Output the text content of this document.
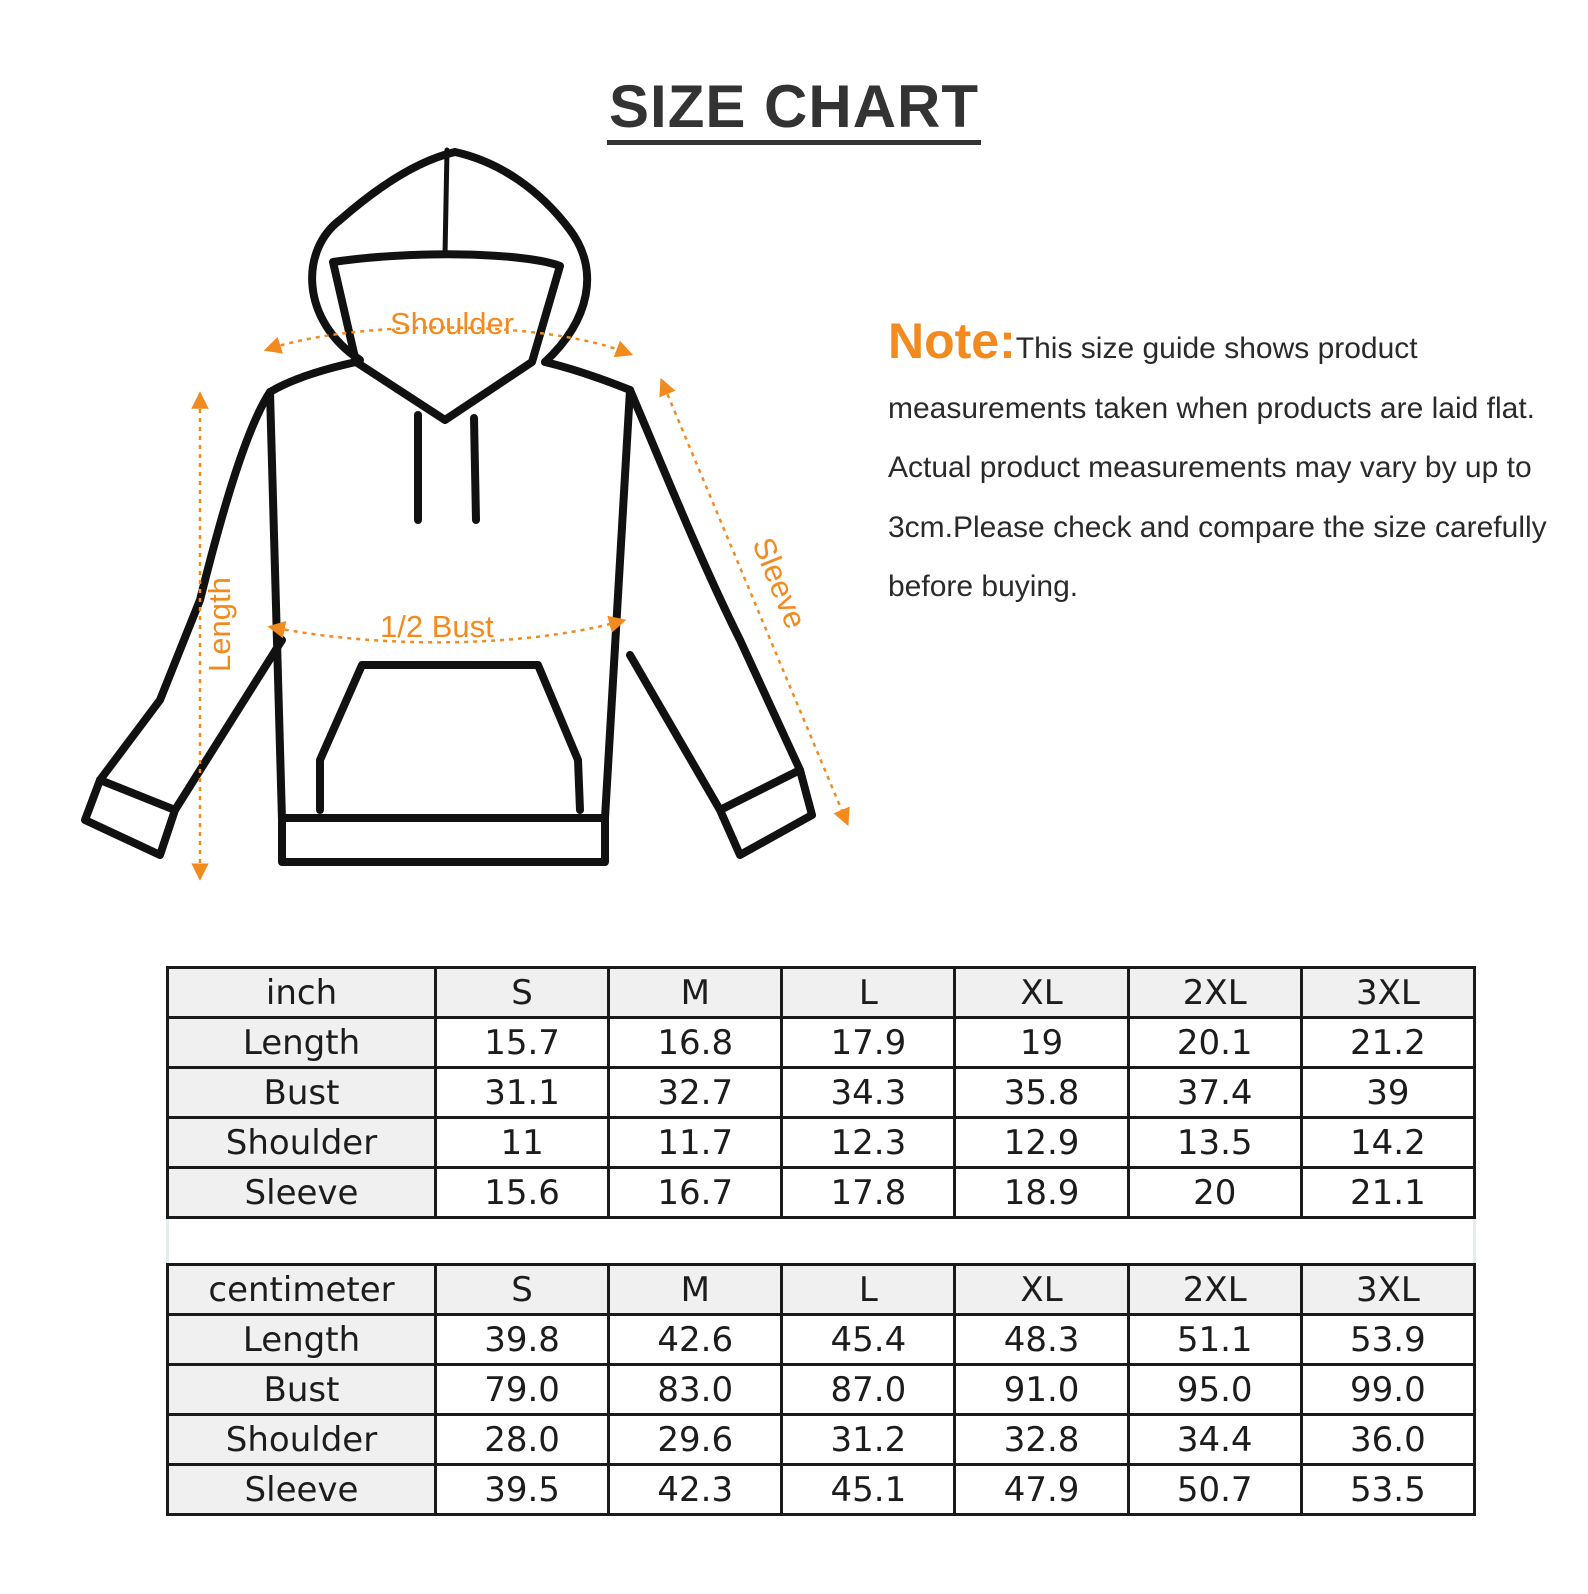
SIZE CHART
Shoulder
1/2 Bust
Length	Sleeve
Note:This size guide shows product measurements taken when products are laid flat. Actual product measurements may vary by up to 3cm.Please check and compare the size carefully before buying.
inch	S	M	L	XL	2XL	3XL
Length	15.7	16.8	17.9	19	20.1	21.2
Bust	31.1	32.7	34.3	35.8	37.4	39
Shoulder	11	11.7	12.3	12.9	13.5	14.2
Sleeve	15.6	16.7	17.8	18.9	20	21.1
centimeter	S	M	L	XL	2XL	3XL
Length	39.8	42.6	45.4	48.3	51.1	53.9
Bust	79.0	83.0	87.0	91.0	95.0	99.0
Shoulder	28.0	29.6	31.2	32.8	34.4	36.0
Sleeve	39.5	42.3	45.1	47.9	50.7	53.5
